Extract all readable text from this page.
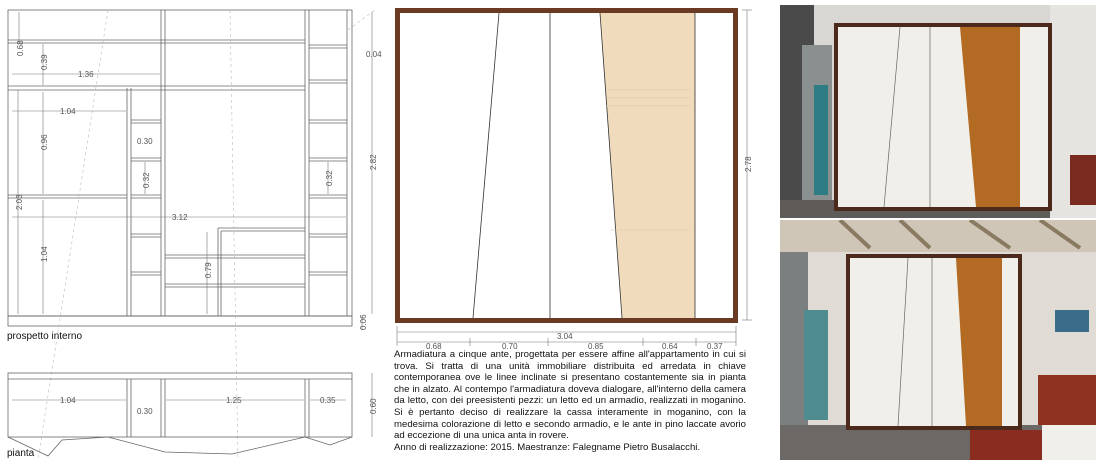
0.68
0.39
1.36
1.04
0.96	0.30
0.32
2.03
3.12
1.04
0.79
0.32
0.04
2.82
0.06
prospetto interno
1.04
0.30
1.25	0.35	0.60
pianta
2.78
3.04
0.68	0.70	0.85	0.64	0.37

Armadiatura a cinque ante, progettata per essere affine all'appartamento in cui si trova. Si tratta di una unità immobiliare distribuita ed arredata in chiave contemporanea ove le linee inclinate si presentano costantemente sia in pianta che in alzato. Al contempo l'armadiatura doveva dialogare, all'interno della camera da letto, con dei preesistenti pezzi: un letto ed un armadio, realizzati in moganino. Si è pertanto deciso di realizzare la cassa interamente in moganino, con la medesima colorazione di letto e secondo armadio, e le ante in pino laccate avorio ad eccezione di una unica anta in rovere.

Anno di realizzazione: 2015. Maestranze: Falegname Pietro Busalacchi.
